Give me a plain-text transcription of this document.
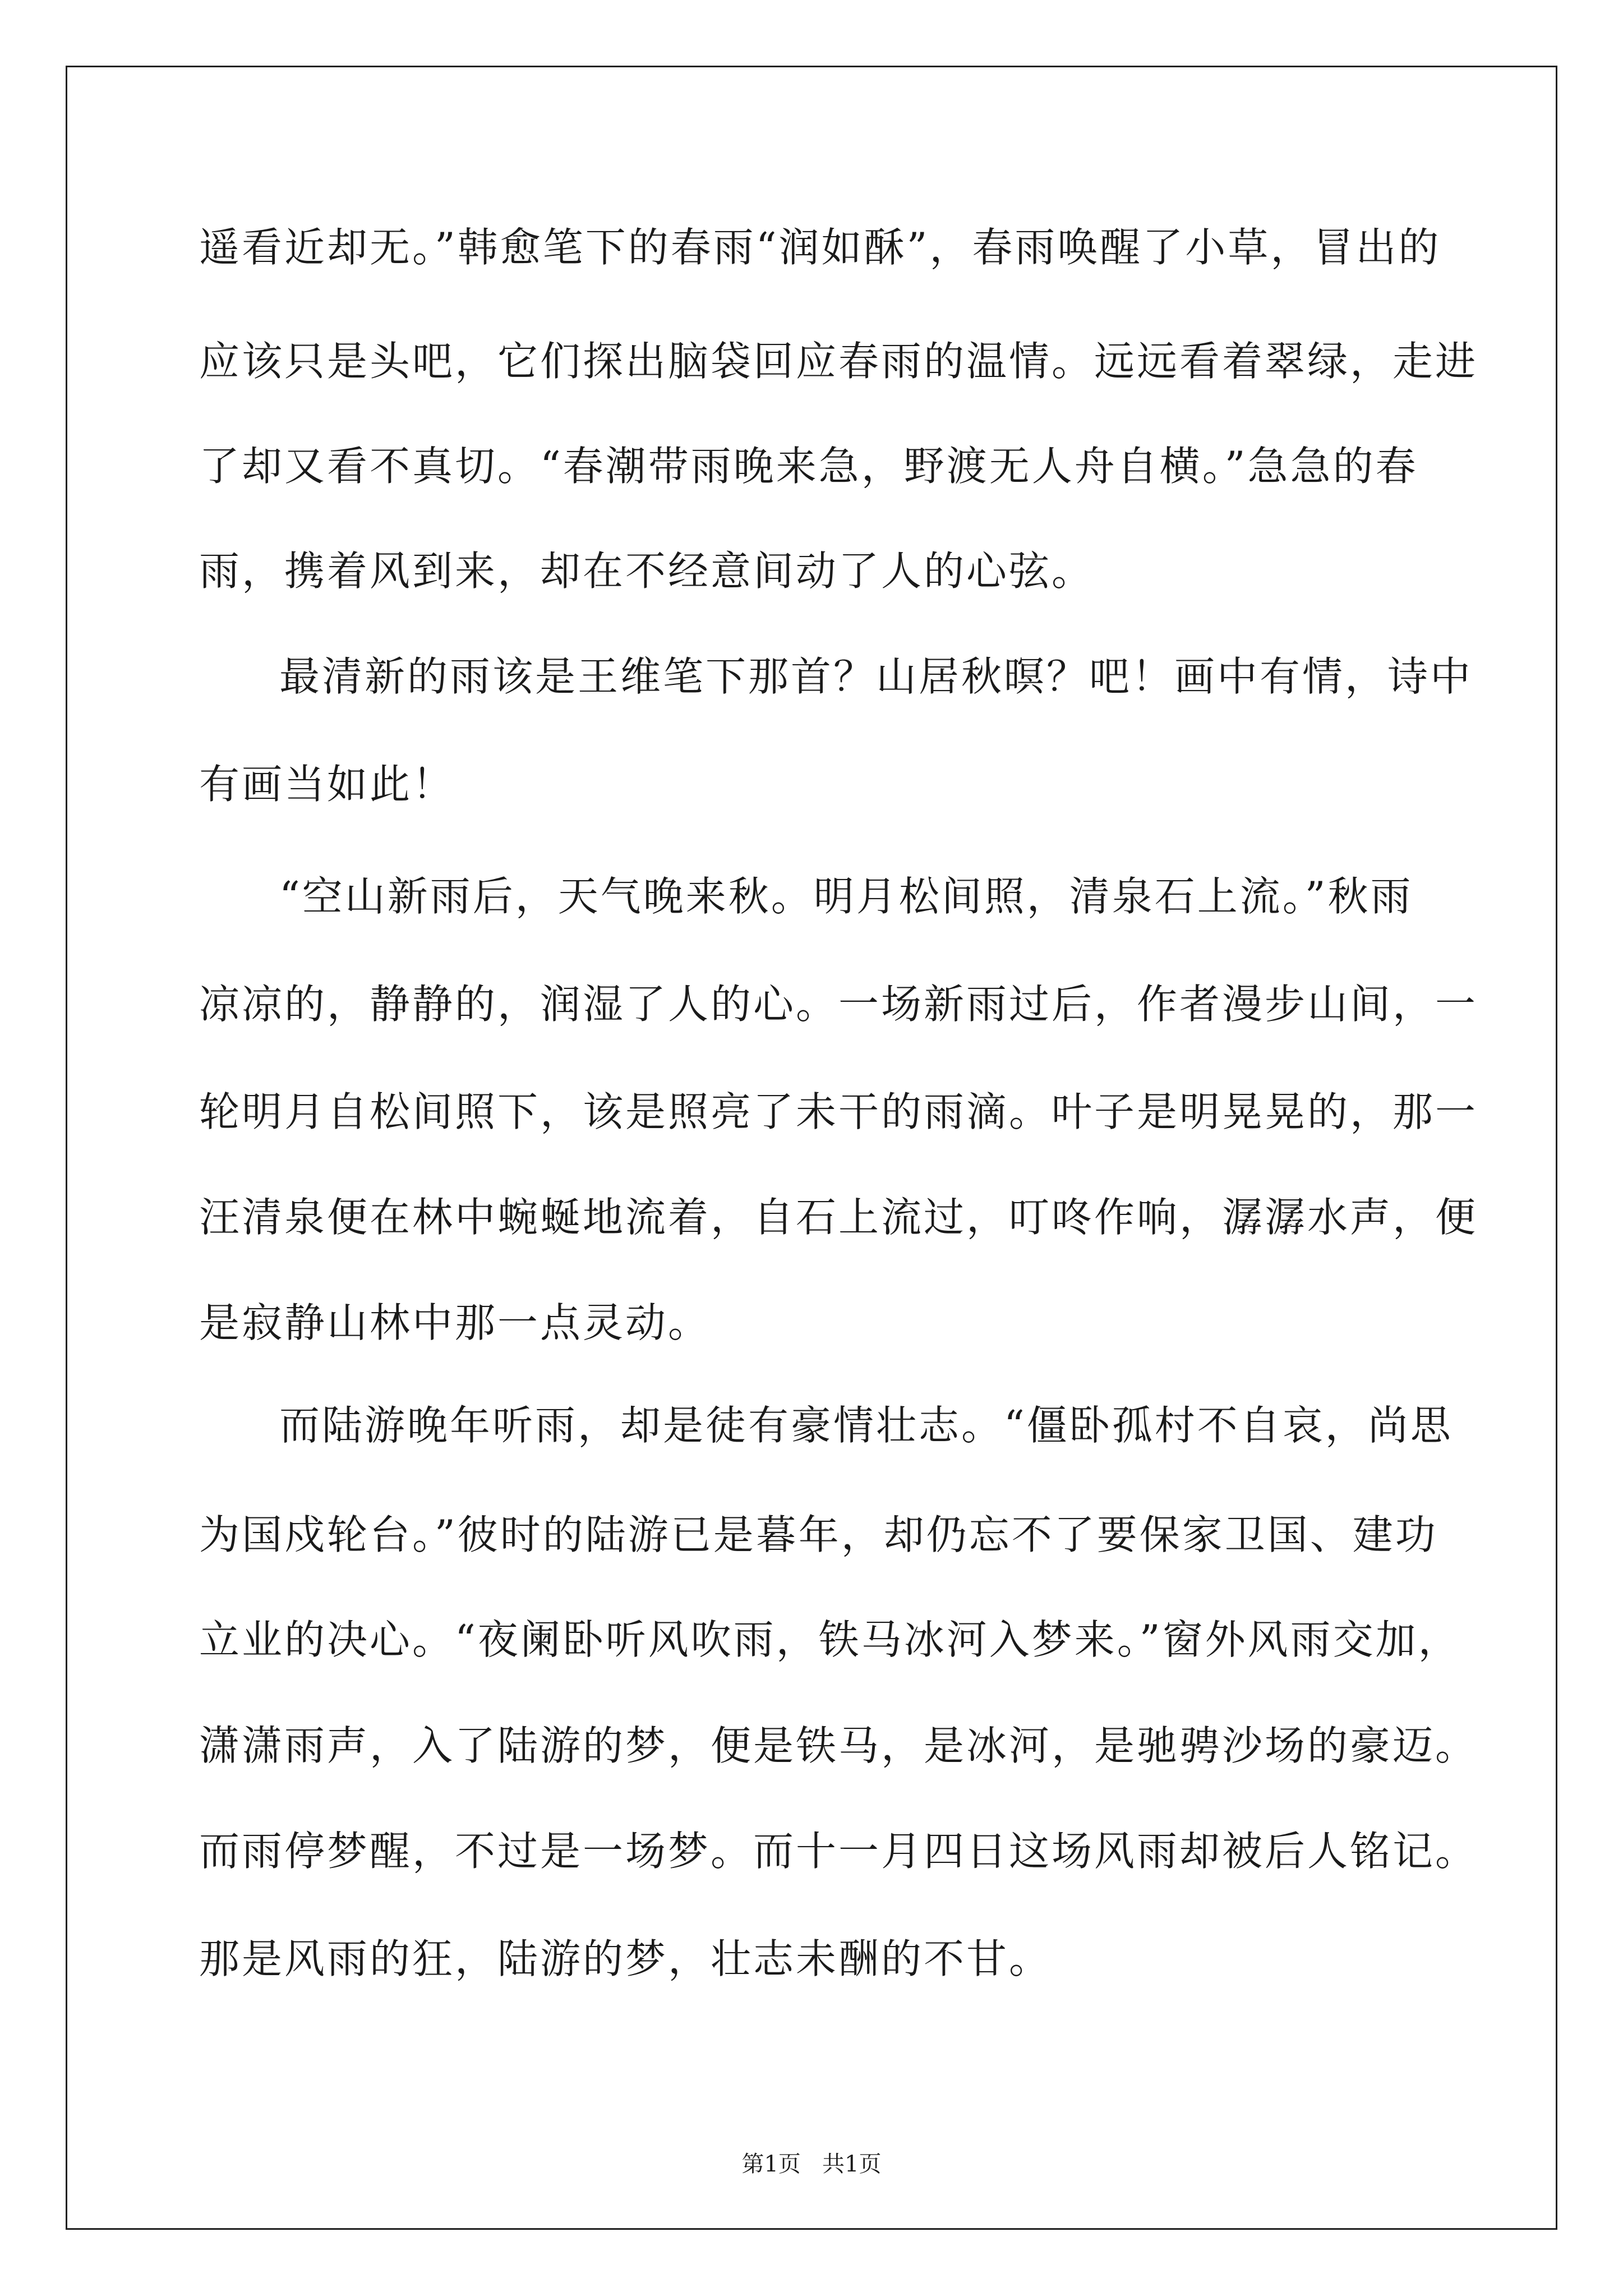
遥看近却无。”韩愈笔下的春雨“润如酥”，春雨唤醒了小草，冒出的
应该只是头吧，它们探出脑袋回应春雨的温情。远远看着翠绿，走进
了却又看不真切。“春潮带雨晚来急，野渡无人舟自横。”急急的春
雨，携着风到来，却在不经意间动了人的心弦。
最清新的雨该是王维笔下那首？山居秋暝？吧！画中有情，诗中
有画当如此！
“空山新雨后，天气晚来秋。明月松间照，清泉石上流。”秋雨
凉凉的，静静的，润湿了人的心。一场新雨过后，作者漫步山间，一
轮明月自松间照下，该是照亮了未干的雨滴。叶子是明晃晃的，那一
汪清泉便在林中蜿蜒地流着，自石上流过，叮咚作响，潺潺水声，便
是寂静山林中那一点灵动。
而陆游晚年听雨，却是徒有豪情壮志。“僵卧孤村不自哀，尚思
为国戍轮台。”彼时的陆游已是暮年，却仍忘不了要保家卫国、建功
立业的决心。“夜阑卧听风吹雨，铁马冰河入梦来。”窗外风雨交加，
潇潇雨声，入了陆游的梦，便是铁马，是冰河，是驰骋沙场的豪迈。
而雨停梦醒，不过是一场梦。而十一月四日这场风雨却被后人铭记。
那是风雨的狂，陆游的梦，壮志未酬的不甘。
第1页   共1页
